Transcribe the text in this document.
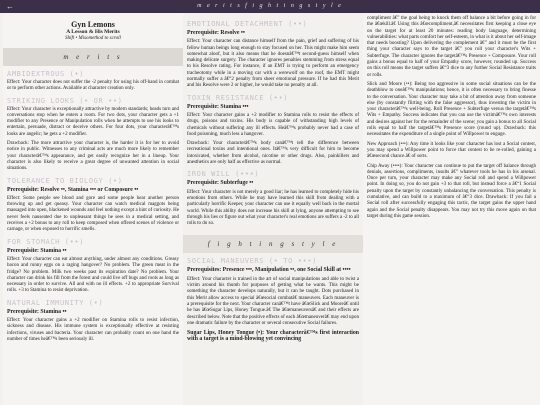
←	m e r i t s f i g h t i n g s t y l e
Gyn Lemons
A Lesson & His Merits
Shift • Misomethod to scroll
m e r i t s
AMBIDEXTROUS (•)

Effect: Your character does not suffer the -2 penalty for using his off-hand in combat or to perform other actions. Available at character creation only.

STRIKING LOOKS (• OR ••)

Effect: Your character is exceptionally attractive by modern standards; heads turn and conversations stop when he enters a room. For two dots, your character gets a +1 modifier to any Presence or Manipulation rolls when he attempts to use his looks to entertain, persuade, distract or deceive others. For four dots, your characterâ€™s looks are angelic; he gets a +2 modifier.

Drawback: The more attractive your character is, the harder it is for her to avoid notice in public. Witnesses to any criminal acts are much more likely to remember your characterâ€™s appearance, and get easily recognize her in a lineup. Your character is also likely to receive a great degree of unwanted attention in social situations.

TOLERANCE TO BIOLOGY (•)

Prerequisite: Resolve ••, Stamina ••• or Composure ••

Effect: Some people see blood and gore and some people hear another person throwing up and get queasy. Your character can watch medical maggots being massaged into open, blackened wounds and feel nothing except a hint of curiosity. He never feels nauseated due to unpleasant things he sees in a medical setting, and receives a +2 bonus to any roll to keep composed when offered scenes of violence or carnage, or when exposed to horrific smells.

FOR STOMACH (••)

Prerequisite: Stamina ••

Effect: Your character can eat almost anything, under almost any conditions. Greasy bacon and runny eggs on a raging hangover? No problem. The green meat in the fridge? No problem. Milk two weeks past its expiration date? No problem. Your character can drink his fill from the forest and could live off bugs and roots as long as necessary in order to survive. All and with no ill effects. +2 to appropriate Survival rolls. +3 to Stamina to resist deprivation.

NATURAL IMMUNITY (•)

Prerequisite: Stamina ••

Effect: Your character gains a +2 modifier on Stamina rolls to resist infection, sickness and disease. His immune system is exceptionally effective at resisting infections, viruses and bacteria. Your character can probably count on one hand the number of times heâ€™s been seriously ill.

EMOTIONAL DETACHMENT (••)

Prerequisite: Resolve ••

Effect: Your character can distance himself from the pain, grief and suffering of his fellow human beings long enough to stay focused on her. This might make him seem somewhat aloof, but it also means that he doesnâ€™t second-guess himself when making delicate surgery. The character ignores penalties stemming from stress equal to his Resolve rating. For instance, if an EMT is trying to perform an emergency tracheotomy while in a moving car with a werewolf on the roof, the EMT might normally suffer a â€“2 penalty from sheer emotional pressure. If he had this Merit and his Resolve were 2 or higher, he would take no penalty at all.

TOXIN RESISTANCE (••)

Prerequisite: Stamina •••

Effect: Your character gains a +2 modifier to Stamina rolls to resist the effects of drugs, poisons and toxins. His body is capable of withstanding high levels of chemicals without suffering any ill effects. Heâ€™s probably never had a case of food poisoning, much less a hangover.

Drawback: Your characterâ€™s body canâ€™t tell the difference between recreational toxins and intentional ones. Itâ€™s very difficult for him to become intoxicated, whether from alcohol, nicotine or other drugs. Also, painkillers and anesthetics are only half as effective as normal.

IRON WILL (•••)

Prerequisite: Subterfuge ••

Effect: Your character is not merely a good liar; he has learned to completely hide his emotions from others. While he may have learned this skill from dealing with a particularly horrific Keeper, your character can use it equally well back in the mortal world. While this ability does not increase his skill at lying, anyone attempting to see through his lies or figure out what your character's real emotions are suffers a -2 to all rolls to do so.

f i g h t i n g s t y l e
SOCIAL MANEUVERS (• TO •••)

Prerequisites: Presence •••, Manipulation ••, one Social Skill at ••••

Effect: Your character is trained in the art of social manipulations and able to twist a victim around his thumb for purposes of getting what he wants. This might be something the character develops naturally, but it can be taught. Dots purchased in this Merit allow access to special â€œsocial combatâ€ maneuvers. Each maneuver is a prerequisite for the next. Your character canâ€™t have â€œSlick and Mooreâ€ until he has â€œSugar Lips, Honey Tongue.â€ The â€œmaneuversâ€ and their effects are described below. Note that the positive effects of each â€œmaneuverâ€ may end upon one dramatic failure by the character or several consecutive Social failures.

Sugar Lips, Honey Tongue (•): Your characterâ€™s first interaction with a target is a mind-blowing yet convincing

compliment â€” the goal being to knock them off balance a bit before going in for the â€œkill.â€ Using this â€œcompliment,â€ necessitates first keeping a close eye on the target for at least 20 minutes: reading body language, determining vulnerabilities: what parts comfort her self-esteem, in what is it about her self-image that needs boosting? Upon delivering the complement â€” and it must be the first thing your character says to the target â€” you roll your character's Wits + Subterfuge. The character ignores the targetâ€™s Presence + Composure. Your roll gains a bonus equal to half of your Empathy score, however, rounded up. Success on this roll means the target suffers â€“3 dice to any further Social Resistance traits or rolls.

Slick and Moore (••): Being too aggressive in some social situations can be the deathblow to oneâ€™s manipulations; hence, it is often necessary to bring finesse to the conversation. Your character may take a bit of attention away from someone else (by constantly flirting with the false aggressor), thus investing the victim in your characterâ€™s well-being. Roll Presence + Subterfuge versus the targetâ€™s Wits + Empathy. Success indicates that you can use the victimâ€™s own interests and desires against her for the remainder of the scene; you gain a bonus to all Social rolls equal to half the targetâ€™s Presence score (round up). Drawback: this necessitates the expenditure of a single point of Willpower to engage.

New Approach (•••): Any time it looks like your character has lost a Social contest, you may spend a Willpower point to force that contest to be re-rolled, gaining a â€œsecond chance.â€ of sorts.

Chip Away (••••): Your character can continue to put the target off balance through denials, assertions, compliments, insults â€” whatever tools he has in his arsenal. Once per turn, your character may make any Social roll and spend a Willpower point. In doing so, you do not gain +3 to that roll, but instead force a â€“1 Social penalty upon the target by constantly unbalancing the conversation. This penalty is cumulative, and can build to a maximum of â€“3 dice. Drawback: If you fail a Social roll after successfully engaging this tactic, the target gains the upper hand again and the Social penalty disappears. You may not try this move again on that target during this game session.
